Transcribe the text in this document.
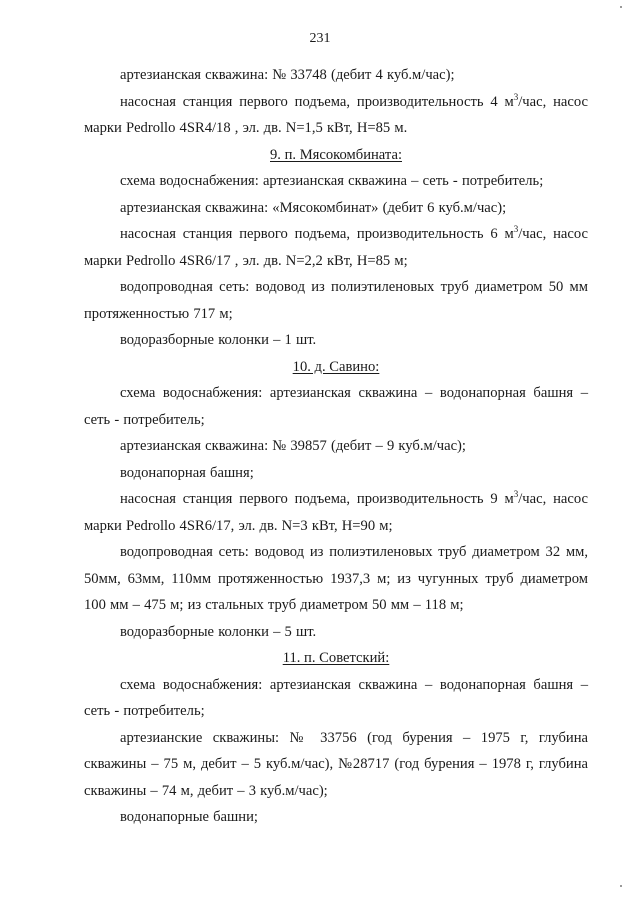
231

артезианская скважина: № 33748 (дебит 4 куб.м/час);

насосная станция первого подъема, производительность 4 $м^3$/час, насос марки Pedrollo 4SR4/18 , эл. дв. N=1,5 кВт, H=85 м.

9. п. Мясокомбината:

схема водоснабжения: артезианская скважина – сеть - потребитель;

артезианская скважина: «Мясокомбинат» (дебит 6 куб.м/час);

насосная станция первого подъема, производительность 6 $м^3$/час, насос марки Pedrollo 4SR6/17 , эл. дв. N=2,2 кВт, H=85 м;

водопроводная сеть: водовод из полиэтиленовых труб диаметром 50 мм протяженностью 717 м;

водоразборные колонки – 1 шт.

10. д. Савино:

схема водоснабжения: артезианская скважина – водонапорная башня – сеть - потребитель;

артезианская скважина: № 39857 (дебит – 9 куб.м/час);

водонапорная башня;

насосная станция первого подъема, производительность 9 $м^3$/час, насос марки Pedrollo 4SR6/17, эл. дв. N=3 кВт, H=90 м;

водопроводная сеть: водовод из полиэтиленовых труб диаметром 32 мм, 50мм, 63мм, 110мм протяженностью 1937,3 м; из чугунных труб диаметром 100 мм – 475 м; из стальных труб диаметром 50 мм – 118 м;

водоразборные колонки – 5 шт.

11. п. Советский:

схема водоснабжения: артезианская скважина – водонапорная башня – сеть - потребитель;

артезианские скважины: № 33756 (год бурения – 1975 г, глубина скважины – 75 м, дебит – 5 куб.м/час), №28717 (год бурения – 1978 г, глубина скважины – 74 м, дебит – 3 куб.м/час);

водонапорные башни;
